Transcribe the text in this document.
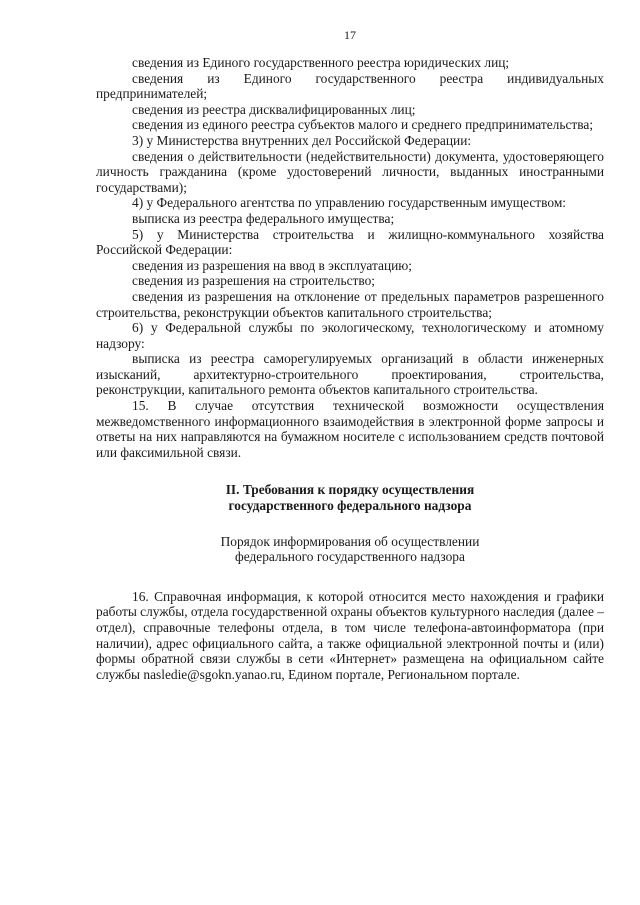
17

сведения из Единого государственного реестра юридических лиц;

сведения из Единого государственного реестра индивидуальных предпринимателей;

сведения из реестра дисквалифицированных лиц;

сведения из единого реестра субъектов малого и среднего предпринимательства;

3) у Министерства внутренних дел Российской Федерации:

сведения о действительности (недействительности) документа, удостоверяющего личность гражданина (кроме удостоверений личности, выданных иностранными государствами);

4) у Федерального агентства по управлению государственным имуществом:

выписка из реестра федерального имущества;

5) у Министерства строительства и жилищно-коммунального хозяйства Российской Федерации:

сведения из разрешения на ввод в эксплуатацию;

сведения из разрешения на строительство;

сведения из разрешения на отклонение от предельных параметров разрешенного строительства, реконструкции объектов капитального строительства;

6) у Федеральной службы по экологическому, технологическому и атомному надзору:

выписка из реестра саморегулируемых организаций в области инженерных изысканий, архитектурно-строительного проектирования, строительства, реконструкции, капитального ремонта объектов капитального строительства.

15. В случае отсутствия технической возможности осуществления межведомственного информационного взаимодействия в электронной форме запросы и ответы на них направляются на бумажном носителе с использованием средств почтовой или факсимильной связи.

II. Требования к порядку осуществления

государственного федерального надзора

Порядок информирования об осуществлении

федерального государственного надзора

16. Справочная информация, к которой относится место нахождения и графики работы службы, отдела государственной охраны объектов культурного наследия (далее – отдел), справочные телефоны отдела, в том числе телефона-автоинформатора (при наличии), адрес официального сайта, а также официальной электронной почты и (или) формы обратной связи службы в сети «Интернет» размещена на официальном сайте службы nasledie@sgokn.yanao.ru, Едином портале, Региональном портале.
